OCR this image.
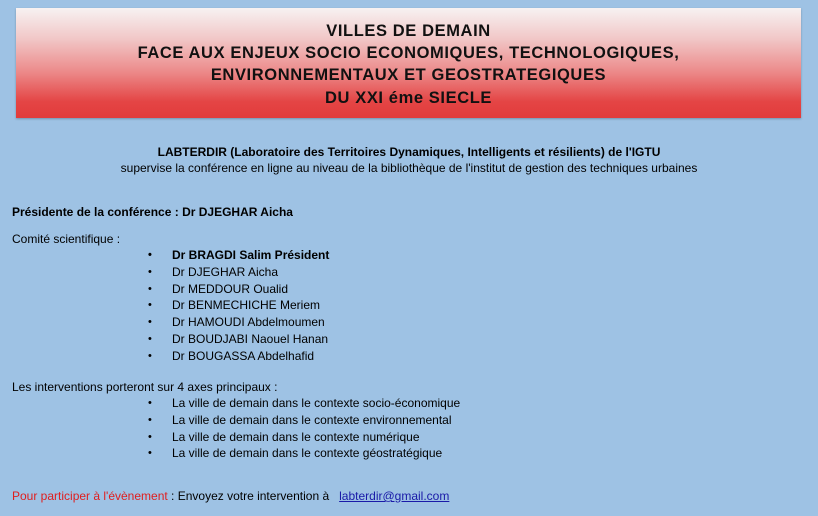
VILLES DE DEMAIN
FACE AUX ENJEUX SOCIO ECONOMIQUES, TECHNOLOGIQUES,
ENVIRONNEMENTAUX ET GEOSTRATEGIQUES
DU XXI éme SIECLE
LABTERDIR (Laboratoire des Territoires Dynamiques, Intelligents et résilients) de l'IGTU
supervise la conférence en ligne au niveau de la bibliothèque de l'institut de gestion des techniques urbaines
Présidente de la conférence : Dr DJEGHAR Aicha
Comité scientifique :
• Dr BRAGDI Salim Président
• Dr DJEGHAR Aicha
• Dr MEDDOUR Oualid
• Dr BENMECHICHE Meriem
• Dr HAMOUDI Abdelmoumen
• Dr BOUDJABI Naouel Hanan
• Dr BOUGASSA Abdelhafid
Les interventions porteront sur 4 axes principaux :
• La ville de demain dans le contexte socio-économique
• La ville de demain dans le contexte environnemental
• La ville de demain dans le contexte numérique
• La ville de demain dans le contexte géostratégique
Pour participer à l'évènement : Envoyez votre intervention à   labterdir@gmail.com
